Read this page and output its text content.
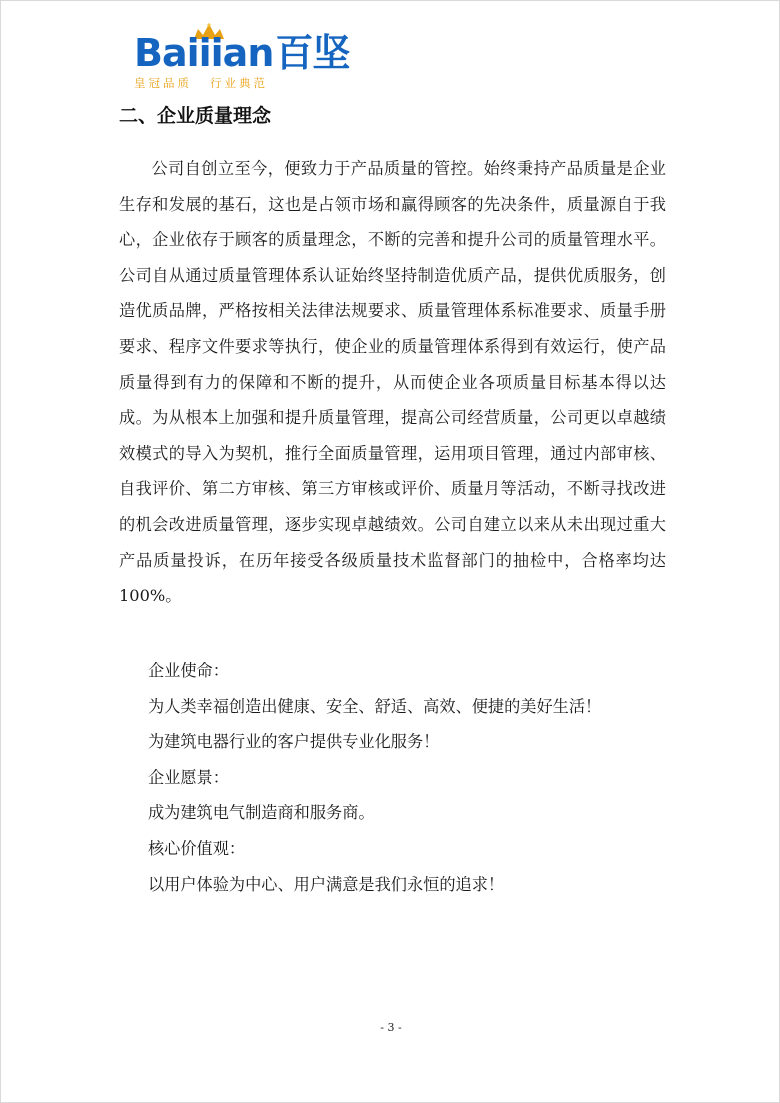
Baiiian百坚
皇冠品质 行业典范
二、企业质量理念

公司自创立至今，便致力于产品质量的管控。始终秉持产品质量是企业生存和发展的基石，这也是占领市场和赢得顾客的先决条件，质量源自于我心，企业依存于顾客的质量理念，不断的完善和提升公司的质量管理水平。公司自从通过质量管理体系认证始终坚持制造优质产品，提供优质服务，创造优质品牌，严格按相关法律法规要求、质量管理体系标准要求、质量手册要求、程序文件要求等执行，使企业的质量管理体系得到有效运行，使产品质量得到有力的保障和不断的提升，从而使企业各项质量目标基本得以达成。为从根本上加强和提升质量管理，提高公司经营质量，公司更以卓越绩效模式的导入为契机，推行全面质量管理，运用项目管理，通过内部审核、自我评价、第二方审核、第三方审核或评价、质量月等活动，不断寻找改进的机会改进质量管理，逐步实现卓越绩效。公司自建立以来从未出现过重大产品质量投诉，在历年接受各级质量技术监督部门的抽检中，合格率均达 100%。

企业使命：
为人类幸福创造出健康、安全、舒适、高效、便捷的美好生活！
为建筑电器行业的客户提供专业化服务！
企业愿景：
成为建筑电气制造商和服务商。
核心价值观：
以用户体验为中心、用户满意是我们永恒的追求！
- 3 -
